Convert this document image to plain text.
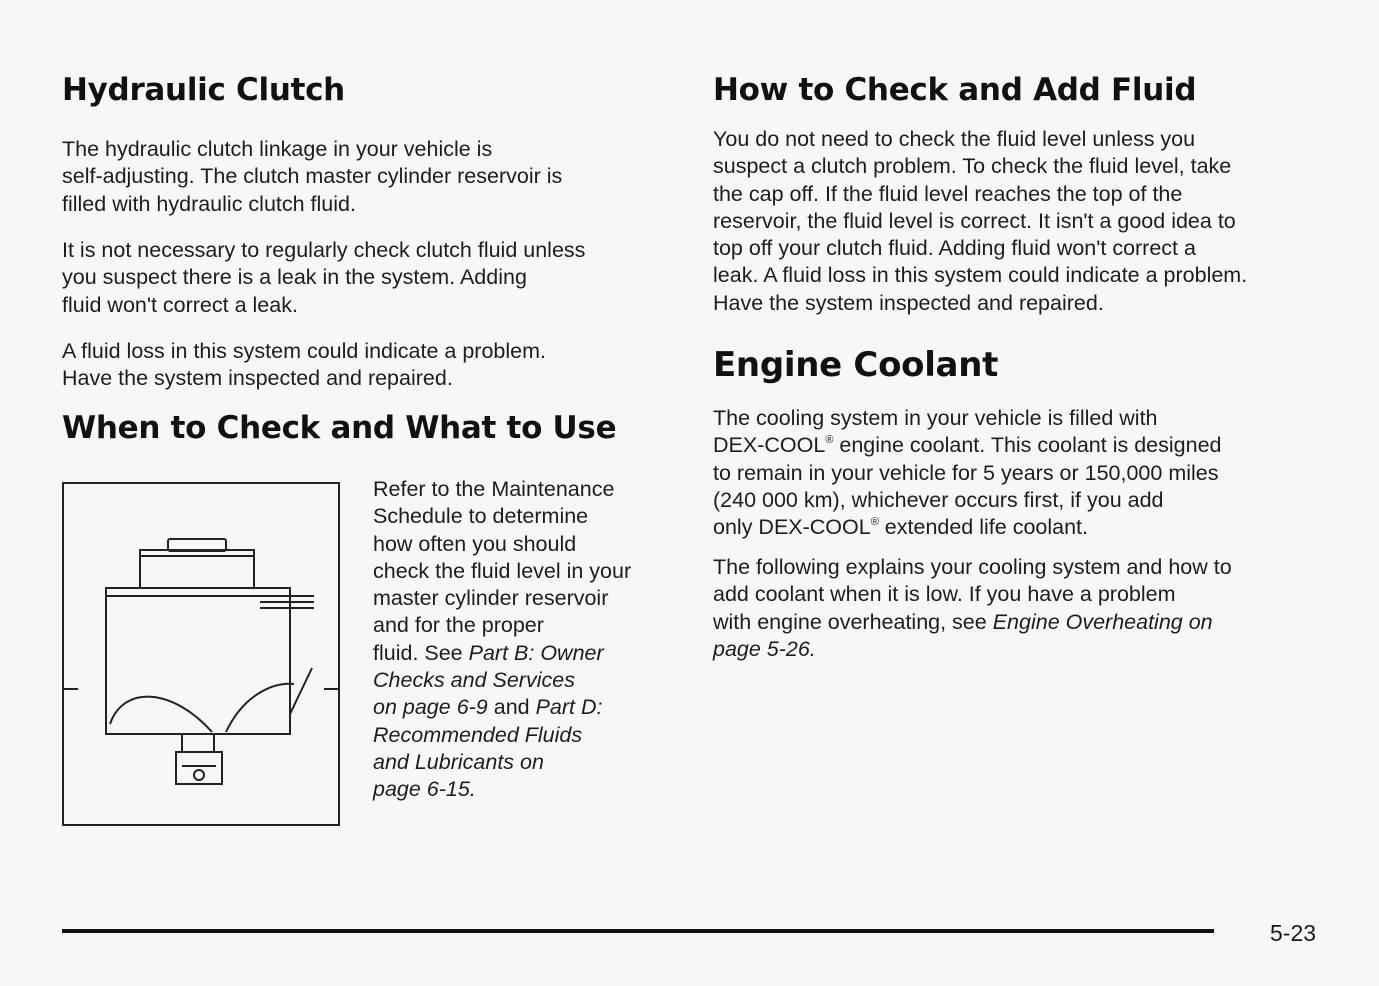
Hydraulic Clutch

The hydraulic clutch linkage in your vehicle is
self-adjusting. The clutch master cylinder reservoir is
filled with hydraulic clutch fluid.

It is not necessary to regularly check clutch fluid unless
you suspect there is a leak in the system. Adding
fluid won't correct a leak.

A fluid loss in this system could indicate a problem.
Have the system inspected and repaired.

When to Check and What to Use

Refer to the Maintenance
Schedule to determine
how often you should
check the fluid level in your
master cylinder reservoir
and for the proper
fluid. See Part B: Owner
Checks and Services
on page 6-9 and Part D:
Recommended Fluids
and Lubricants on
page 6-15.

How to Check and Add Fluid

You do not need to check the fluid level unless you
suspect a clutch problem. To check the fluid level, take
the cap off. If the fluid level reaches the top of the
reservoir, the fluid level is correct. It isn't a good idea to
top off your clutch fluid. Adding fluid won't correct a
leak. A fluid loss in this system could indicate a problem.
Have the system inspected and repaired.

Engine Coolant

The cooling system in your vehicle is filled with
DEX-COOL® engine coolant. This coolant is designed
to remain in your vehicle for 5 years or 150,000 miles
(240 000 km), whichever occurs first, if you add
only DEX-COOL® extended life coolant.

The following explains your cooling system and how to
add coolant when it is low. If you have a problem
with engine overheating, see Engine Overheating on
page 5-26.

5-23
